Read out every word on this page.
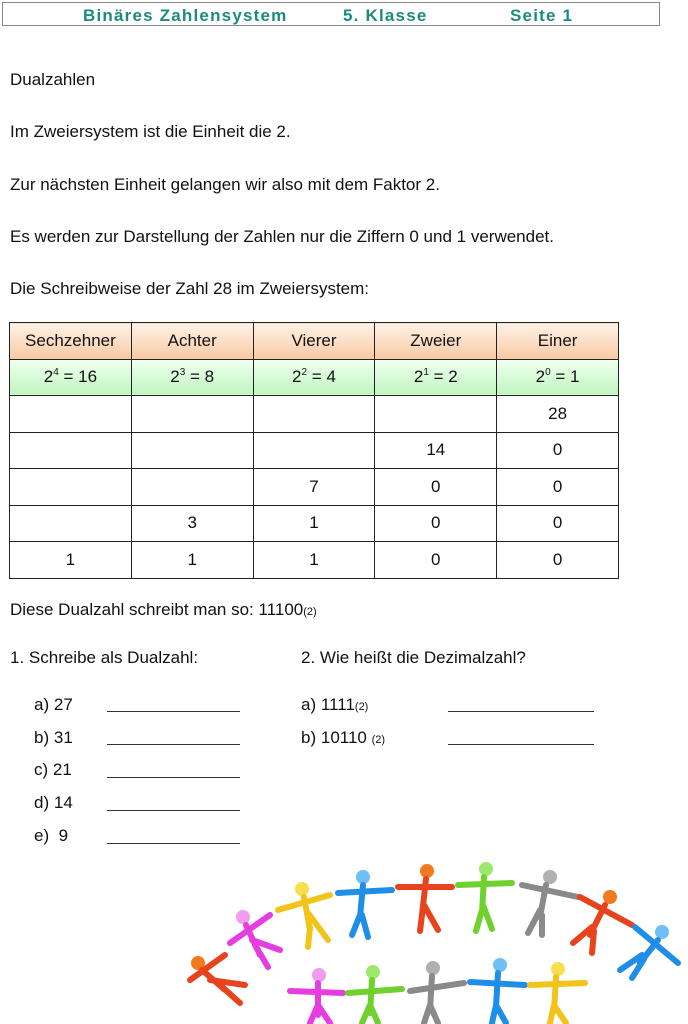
Binäres Zahlensystem	5. Klasse	Seite 1
Dualzahlen
Im Zweiersystem ist die Einheit die 2.
Zur nächsten Einheit gelangen wir also mit dem Faktor 2.
Es werden zur Darstellung der Zahlen nur die Ziffern 0 und 1 verwendet.
Die Schreibweise der Zahl 28 im Zweiersystem:
Sechzehner	Achter	Vierer	Zweier	Einer
$2^4 = 16$	$2^3 = 8$	$2^2 = 4$	$2^1 = 2$	$2^0 = 1$
				28
			14	0
		7	0	0
	3	1	0	0
1	1	1	0	0
Diese Dualzahl schreibt man so: 11100(2)
1. Schreibe als Dualzahl:	2. Wie heißt die Dezimalzahl?
a) 27
b) 31
c) 21
d) 14
e) 9
a) 1111(2)
b) 10110 (2)
